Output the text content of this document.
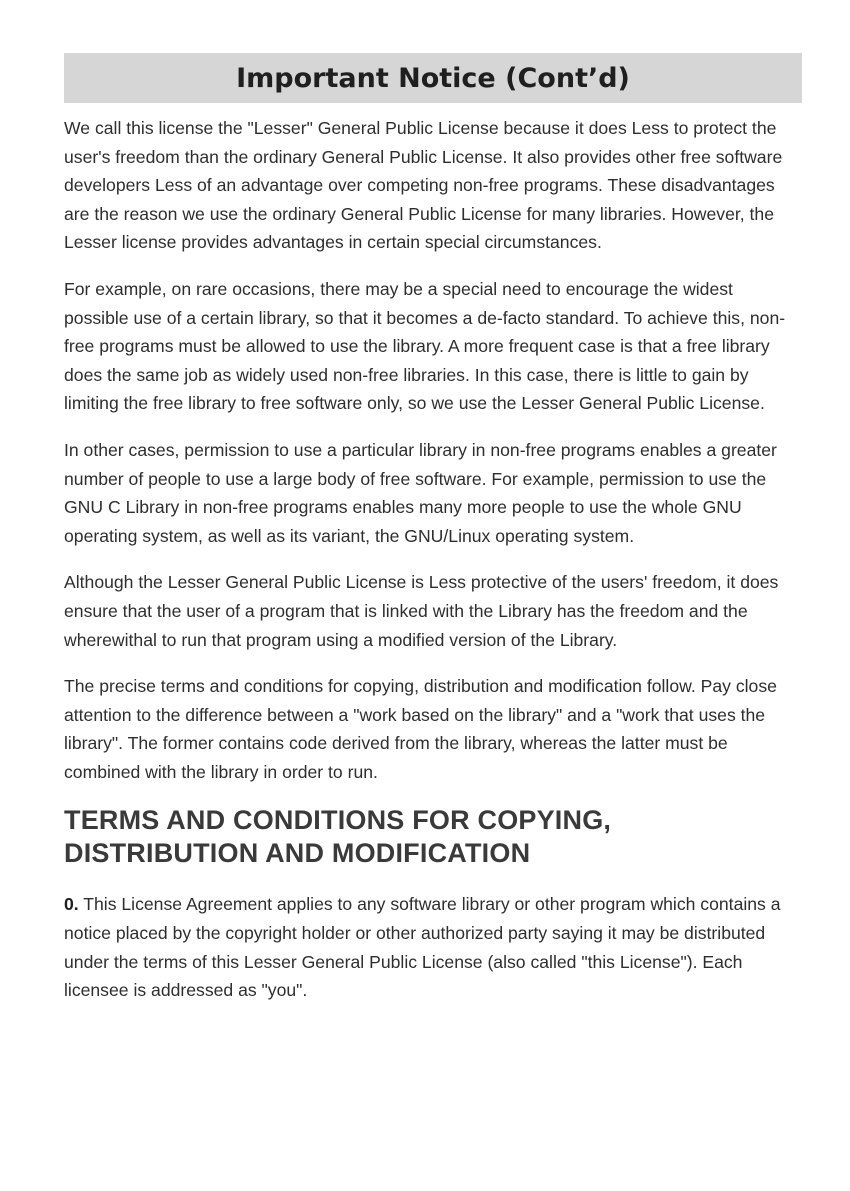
Important Notice (Cont’d)

We call this license the "Lesser" General Public License because it does Less to protect the user's freedom than the ordinary General Public License. It also provides other free software developers Less of an advantage over competing non-free programs. These disadvantages are the reason we use the ordinary General Public License for many libraries. However, the Lesser license provides advantages in certain special circumstances.

For example, on rare occasions, there may be a special need to encourage the widest possible use of a certain library, so that it becomes a de-facto standard. To achieve this, non-free programs must be allowed to use the library. A more frequent case is that a free library does the same job as widely used non-free libraries. In this case, there is little to gain by limiting the free library to free software only, so we use the Lesser General Public License.

In other cases, permission to use a particular library in non-free programs enables a greater number of people to use a large body of free software. For example, permission to use the GNU C Library in non-free programs enables many more people to use the whole GNU operating system, as well as its variant, the GNU/Linux operating system.

Although the Lesser General Public License is Less protective of the users' freedom, it does ensure that the user of a program that is linked with the Library has the freedom and the wherewithal to run that program using a modified version of the Library.

The precise terms and conditions for copying, distribution and modification follow. Pay close attention to the difference between a "work based on the library" and a "work that uses the library". The former contains code derived from the library, whereas the latter must be combined with the library in order to run.

TERMS AND CONDITIONS FOR COPYING,
DISTRIBUTION AND MODIFICATION

0. This License Agreement applies to any software library or other program which contains a notice placed by the copyright holder or other authorized party saying it may be distributed under the terms of this Lesser General Public License (also called "this License"). Each licensee is addressed as "you".
